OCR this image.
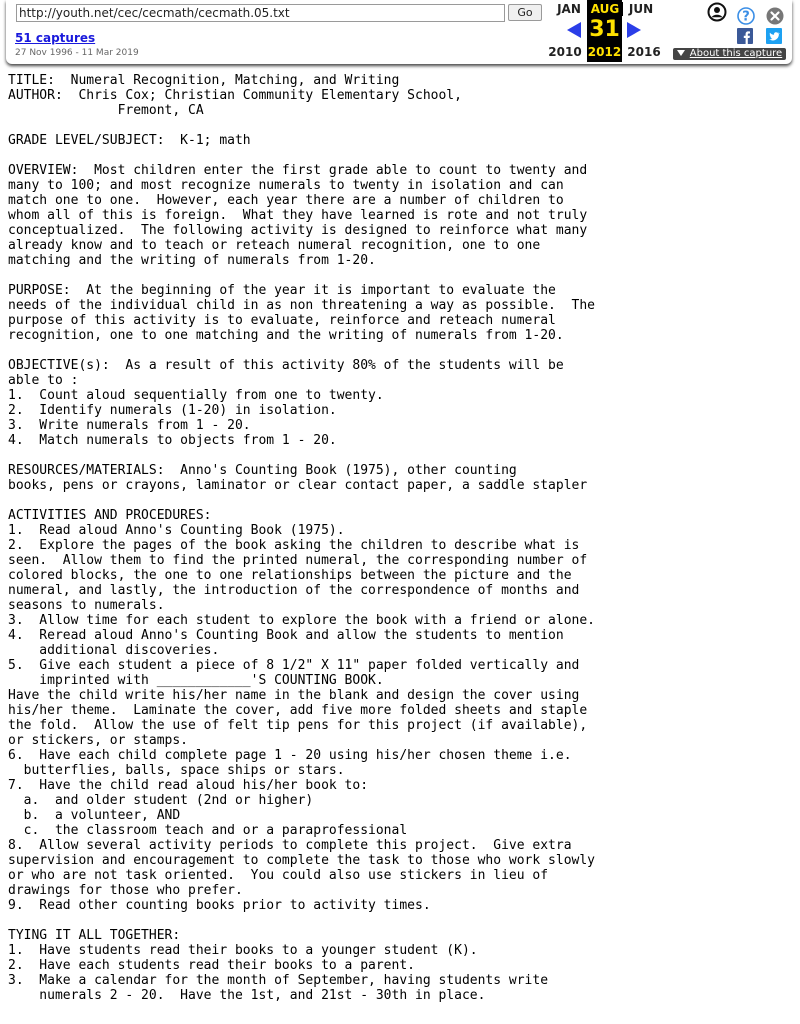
http://youth.net/cec/cecmath/cecmath.05.txt
Go
51 captures
27 Nov 1996 - 11 Mar 2019
JAN AUG JUN
31
2010 2012 2016
?
About this capture
TITLE:  Numeral Recognition, Matching, and Writing
AUTHOR:  Chris Cox; Christian Community Elementary School,
Fremont, CA

GRADE LEVEL/SUBJECT:  K-1; math

OVERVIEW:  Most children enter the first grade able to count to twenty and
many to 100; and most recognize numerals to twenty in isolation and can
match one to one.  However, each year there are a number of children to
whom all of this is foreign.  What they have learned is rote and not truly
conceptualized.  The following activity is designed to reinforce what many
already know and to teach or reteach numeral recognition, one to one
matching and the writing of numerals from 1-20.

PURPOSE:  At the beginning of the year it is important to evaluate the
needs of the individual child in as non threatening a way as possible.  The
purpose of this activity is to evaluate, reinforce and reteach numeral
recognition, one to one matching and the writing of numerals from 1-20.

OBJECTIVE(s):  As a result of this activity 80% of the students will be
able to :
1.  Count aloud sequentially from one to twenty.
2.  Identify numerals (1-20) in isolation.
3.  Write numerals from 1 - 20.
4.  Match numerals to objects from 1 - 20.

RESOURCES/MATERIALS:  Anno's Counting Book (1975), other counting
books, pens or crayons, laminator or clear contact paper, a saddle stapler

ACTIVITIES AND PROCEDURES:
1.  Read aloud Anno's Counting Book (1975).
2.  Explore the pages of the book asking the children to describe what is
seen.  Allow them to find the printed numeral, the corresponding number of
colored blocks, the one to one relationships between the picture and the
numeral, and lastly, the introduction of the correspondence of months and
seasons to numerals.
3.  Allow time for each student to explore the book with a friend or alone.
4.  Reread aloud Anno's Counting Book and allow the students to mention
additional discoveries.
5.  Give each student a piece of 8 1/2" X 11" paper folded vertically and
imprinted with ____________'S COUNTING BOOK.
Have the child write his/her name in the blank and design the cover using
his/her theme.  Laminate the cover, add five more folded sheets and staple
the fold.  Allow the use of felt tip pens for this project (if available),
or stickers, or stamps.
6.  Have each child complete page 1 - 20 using his/her chosen theme i.e.
butterflies, balls, space ships or stars.
7.  Have the child read aloud his/her book to:
a.  and older student (2nd or higher)
b.  a volunteer, AND
c.  the classroom teach and or a paraprofessional
8.  Allow several activity periods to complete this project.  Give extra
supervision and encouragement to complete the task to those who work slowly
or who are not task oriented.  You could also use stickers in lieu of
drawings for those who prefer.
9.  Read other counting books prior to activity times.

TYING IT ALL TOGETHER:
1.  Have students read their books to a younger student (K).
2.  Have each students read their books to a parent.
3.  Make a calendar for the month of September, having students write
numerals 2 - 20.  Have the 1st, and 21st - 30th in place.
